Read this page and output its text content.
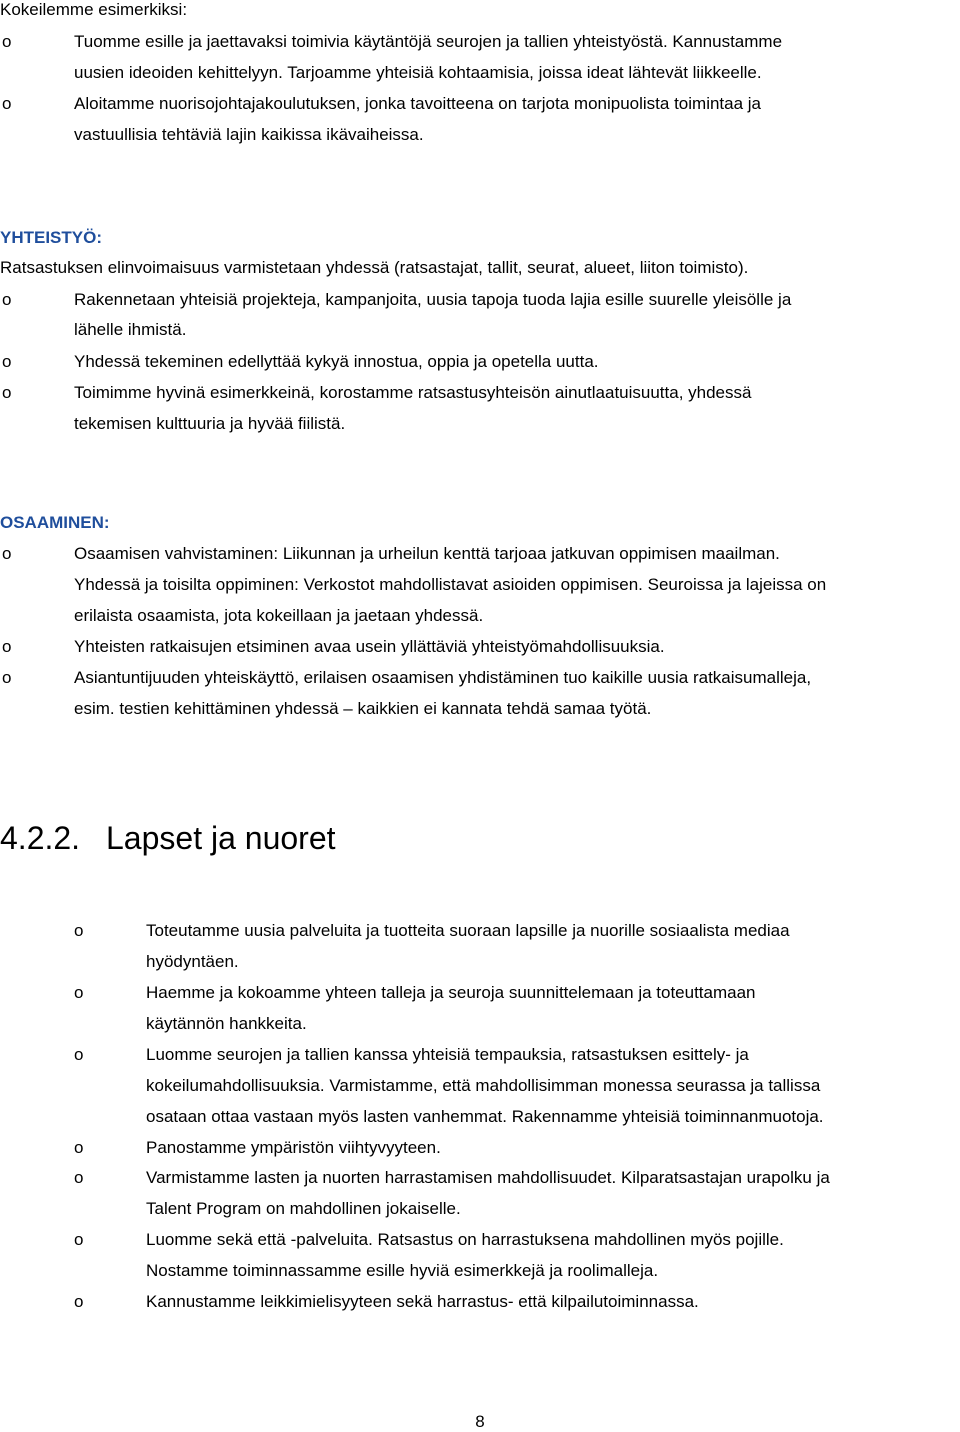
Kokeilemme esimerkiksi:
o	Tuomme esille ja jaettavaksi toimivia käytäntöjä seurojen ja tallien yhteistyöstä. Kannustamme
uusien ideoiden kehittelyyn. Tarjoamme yhteisiä kohtaamisia, joissa ideat lähtevät liikkeelle.
o	Aloitamme nuorisojohtajakoulutuksen, jonka tavoitteena on tarjota monipuolista toimintaa ja
vastuullisia tehtäviä lajin kaikissa ikävaiheissa.
YHTEISTYÖ:
Ratsastuksen elinvoimaisuus varmistetaan yhdessä (ratsastajat, tallit, seurat, alueet, liiton toimisto).
o	Rakennetaan yhteisiä projekteja, kampanjoita, uusia tapoja tuoda lajia esille suurelle yleisölle ja
lähelle ihmistä.
o	Yhdessä tekeminen edellyttää kykyä innostua, oppia ja opetella uutta.
o	Toimimme hyvinä esimerkkeinä, korostamme ratsastusyhteisön ainutlaatuisuutta, yhdessä
tekemisen kulttuuria ja hyvää fiilistä.
OSAAMINEN:
o	Osaamisen vahvistaminen: Liikunnan ja urheilun kenttä tarjoaa jatkuvan oppimisen maailman.
Yhdessä ja toisilta oppiminen: Verkostot mahdollistavat asioiden oppimisen. Seuroissa ja lajeissa on
erilaista osaamista, jota kokeillaan ja jaetaan yhdessä.
o	Yhteisten ratkaisujen etsiminen avaa usein yllättäviä yhteistyömahdollisuuksia.
o	Asiantuntijuuden yhteiskäyttö, erilaisen osaamisen yhdistäminen tuo kaikille uusia ratkaisumalleja,
esim. testien kehittäminen yhdessä – kaikkien ei kannata tehdä samaa työtä.
4.2.2. Lapset ja nuoret
o	Toteutamme uusia palveluita ja tuotteita suoraan lapsille ja nuorille sosiaalista mediaa
hyödyntäen.
o	Haemme ja kokoamme yhteen talleja ja seuroja suunnittelemaan ja toteuttamaan
käytännön hankkeita.
o	Luomme seurojen ja tallien kanssa yhteisiä tempauksia, ratsastuksen esittely- ja
kokeilumahdollisuuksia. Varmistamme, että mahdollisimman monessa seurassa ja tallissa
osataan ottaa vastaan myös lasten vanhemmat. Rakennamme yhteisiä toiminnanmuotoja.
o	Panostamme ympäristön viihtyvyyteen.
o	Varmistamme lasten ja nuorten harrastamisen mahdollisuudet. Kilparatsastajan urapolku ja
Talent Program on mahdollinen jokaiselle.
o	Luomme sekä että -palveluita. Ratsastus on harrastuksena mahdollinen myös pojille.
Nostamme toiminnassamme esille hyviä esimerkkejä ja roolimalleja.
o	Kannustamme leikkimielisyyteen sekä harrastus- että kilpailutoiminnassa.
8
